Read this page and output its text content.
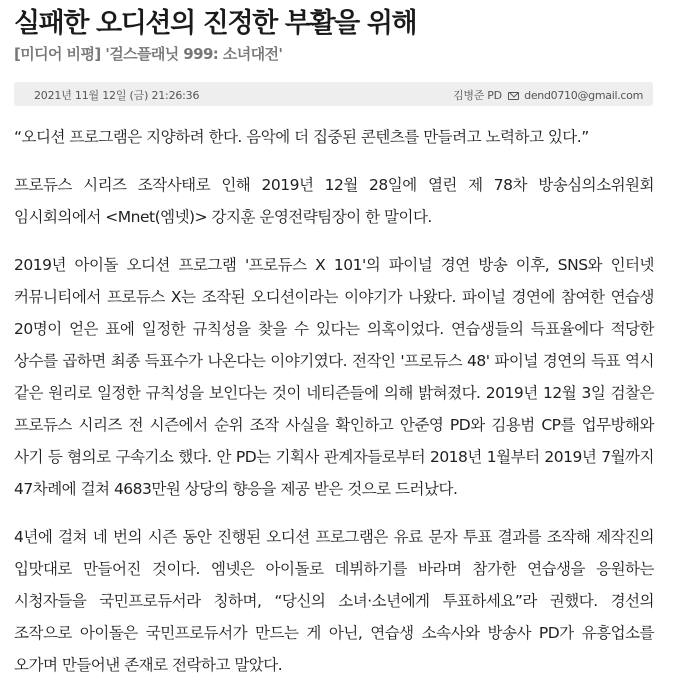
실패한 오디션의 진정한 부활을 위해
[미디어 비평] '걸스플래닛 999: 소녀대전'
2021년 11월 12일 (금) 21:26:36	김병준 PD dend0710@gmail.com

“오디션 프로그램은 지양하려 한다. 음악에 더 집중된 콘텐츠를 만들려고 노력하고 있다.”

프로듀스 시리즈 조작사태로 인해 2019년 12월 28일에 열린 제 78차 방송심의소위원회 임시회의에서 <Mnet(엠넷)> 강지훈 운영전략팀장이 한 말이다.

2019년 아이돌 오디션 프로그램 '프로듀스 X 101'의 파이널 경연 방송 이후, SNS와 인터넷 커뮤니티에서 프로듀스 X는 조작된 오디션이라는 이야기가 나왔다. 파이널 경연에 참여한 연습생 20명이 얻은 표에 일정한 규칙성을 찾을 수 있다는 의혹이었다. 연습생들의 득표율에다 적당한 상수를 곱하면 최종 득표수가 나온다는 이야기였다. 전작인 '프로듀스 48' 파이널 경연의 득표 역시 같은 원리로 일정한 규칙성을 보인다는 것이 네티즌들에 의해 밝혀졌다. 2019년 12월 3일 검찰은 프로듀스 시리즈 전 시즌에서 순위 조작 사실을 확인하고 안준영 PD와 김용범 CP를 업무방해와 사기 등 혐의로 구속기소 했다. 안 PD는 기획사 관계자들로부터 2018년 1월부터 2019년 7월까지 47차례에 걸쳐 4683만원 상당의 향응을 제공 받은 것으로 드러났다.

4년에 걸쳐 네 번의 시즌 동안 진행된 오디션 프로그램은 유료 문자 투표 결과를 조작해 제작진의 입맛대로 만들어진 것이다. 엠넷은 아이돌로 데뷔하기를 바라며 참가한 연습생을 응원하는 시청자들을 국민프로듀서라 칭하며, “당신의 소녀·소년에게 투표하세요”라 권했다. 경선의 조작으로 아이돌은 국민프로듀서가 만드는 게 아닌, 연습생 소속사와 방송사 PD가 유흥업소를 오가며 만들어낸 존재로 전락하고 말았다.
